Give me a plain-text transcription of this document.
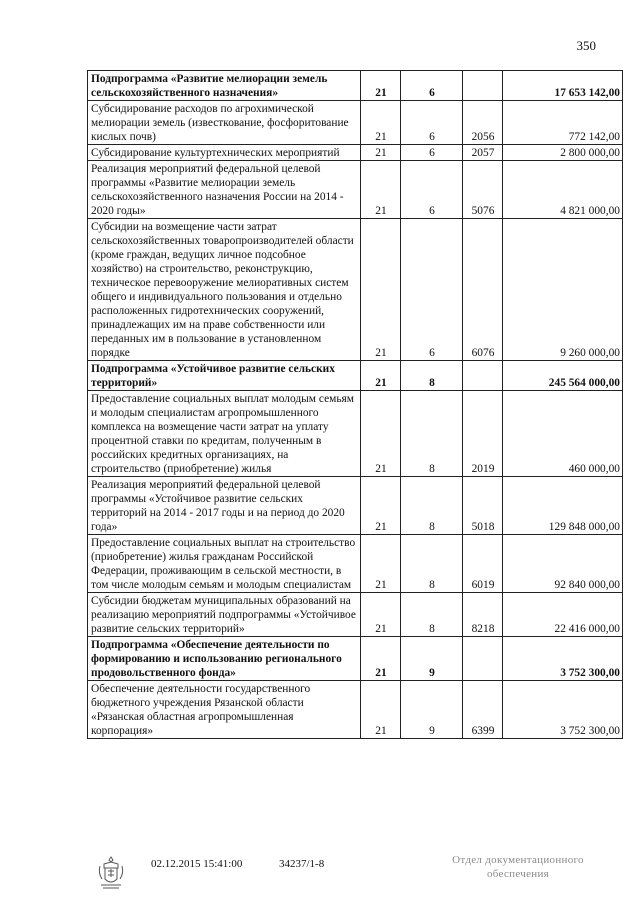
350
Подпрограмма «Развитие мелиорации земель сельскохозяйственного назначения»	21	6		17 653 142,00
Субсидирование расходов по агрохимической мелиорации земель (известкование, фосфоритование кислых почв)	21	6	2056	772 142,00
Субсидирование культуртехнических мероприятий	21	6	2057	2 800 000,00
Реализация мероприятий федеральной целевой программы «Развитие мелиорации земель сельскохозяйственного назначения России на 2014 - 2020 годы»	21	6	5076	4 821 000,00
Субсидии на возмещение части затрат сельскохозяйственных товаропроизводителей области (кроме граждан, ведущих личное подсобное хозяйство) на строительство, реконструкцию, техническое перевооружение мелиоративных систем общего и индивидуального пользования и отдельно расположенных гидротехнических сооружений, принадлежащих им на праве собственности или переданных им в пользование в установленном порядке	21	6	6076	9 260 000,00
Подпрограмма «Устойчивое развитие сельских территорий»	21	8		245 564 000,00
Предоставление социальных выплат молодым семьям и молодым специалистам агропромышленного комплекса на возмещение части затрат на уплату процентной ставки по кредитам, полученным в российских кредитных организациях, на строительство (приобретение) жилья	21	8	2019	460 000,00
Реализация мероприятий федеральной целевой программы «Устойчивое развитие сельских территорий на 2014 - 2017 годы и на период до 2020 года»	21	8	5018	129 848 000,00
Предоставление социальных выплат на строительство (приобретение) жилья гражданам Российской Федерации, проживающим в сельской местности, в том числе молодым семьям и молодым специалистам	21	8	6019	92 840 000,00
Субсидии бюджетам муниципальных образований на реализацию мероприятий подпрограммы «Устойчивое развитие сельских территорий»	21	8	8218	22 416 000,00
Подпрограмма «Обеспечение деятельности по формированию и использованию регионального продовольственного фонда»	21	9		3 752 300,00
Обеспечение деятельности государственного бюджетного учреждения Рязанской области «Рязанская областная агропромышленная корпорация»	21	9	6399	3 752 300,00
02.12.2015 15:41:00	34237/1-8	Отдел документационного
обеспечения
